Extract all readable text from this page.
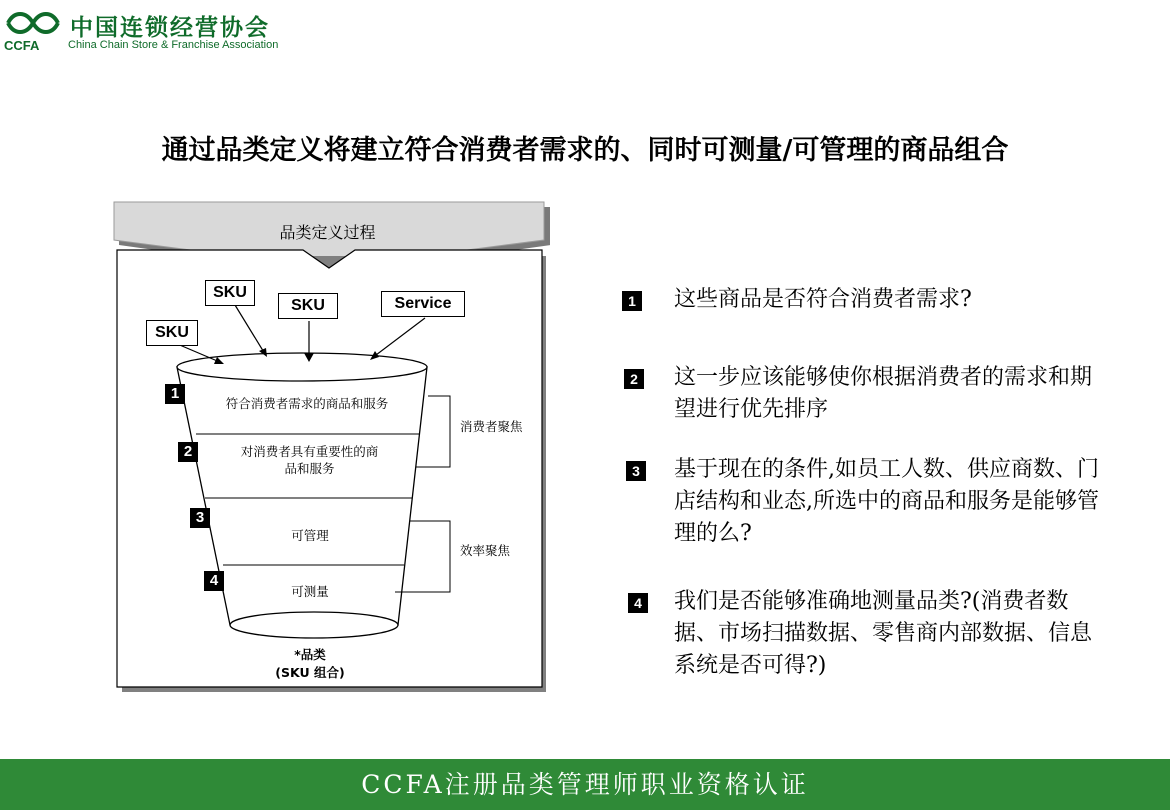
中国连锁经营协会
CCFA	China Chain Store & Franchise Association
通过品类定义将建立符合消费者需求的、同时可测量/可管理的商品组合
品类定义过程
SKU
SKU	Service
SKU
1
2
3
4
符合消费者需求的商品和服务
对消费者具有重要性的商
品和服务
可管理
可测量
消费者聚焦
效率聚焦
*品类
(SKU 组合)
1 这些商品是否符合消费者需求?
2 这一步应该能够使你根据消费者的需求和期望进行优先排序
3 基于现在的条件,如员工人数、供应商数、门店结构和业态,所选中的商品和服务是能够管理的么?
4 我们是否能够准确地测量品类?(消费者数据、市场扫描数据、零售商内部数据、信息系统是否可得?)
CCFA注册品类管理师职业资格认证
